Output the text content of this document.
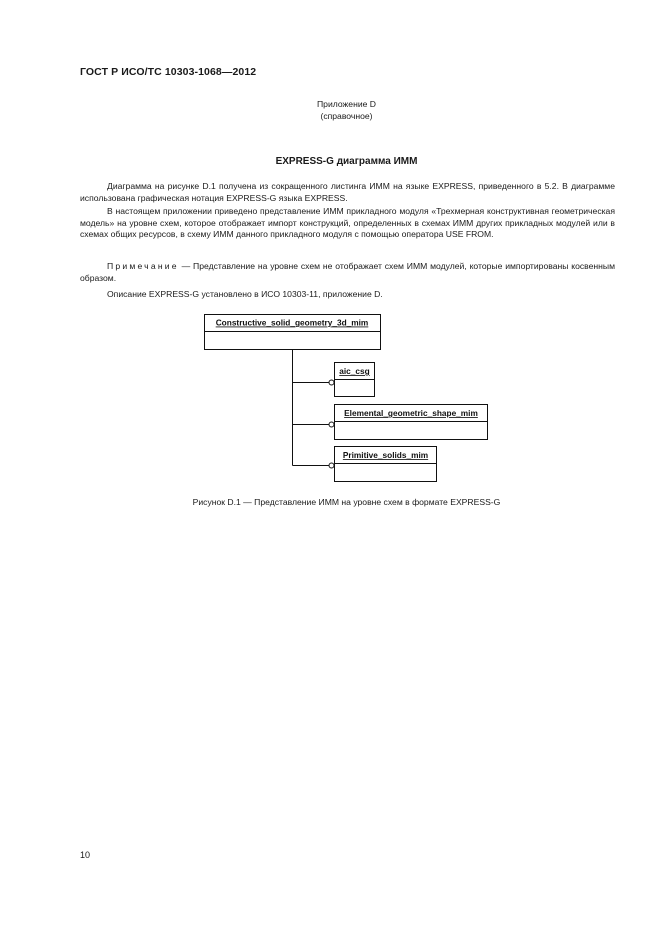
ГОСТ Р ИСО/ТС 10303-1068—2012
Приложение D
(справочное)
EXPRESS-G диаграмма ИММ

Диаграмма на рисунке D.1 получена из сокращенного листинга ИММ на языке EXPRESS, приведенного в 5.2. В диаграмме использована графическая нотация EXPRESS-G языка EXPRESS.

В настоящем приложении приведено представление ИММ прикладного модуля «Трехмерная конструктивная геометрическая модель» на уровне схем, которое отображает импорт конструкций, определенных в схемах ИММ других прикладных модулей или в схемах общих ресурсов, в схему ИММ данного прикладного модуля с помощью оператора USE FROM.

Примечание — Представление на уровне схем не отображает схем ИММ модулей, которые импортированы косвенным образом.

Описание EXPRESS-G установлено в ИСО 10303-11, приложение D.

Constructive_solid_geometry_3d_mim
aic_csg
Elemental_geometric_shape_mim
Primitive_solids_mim
Рисунок D.1 — Представление ИММ на уровне схем в формате EXPRESS-G
10
